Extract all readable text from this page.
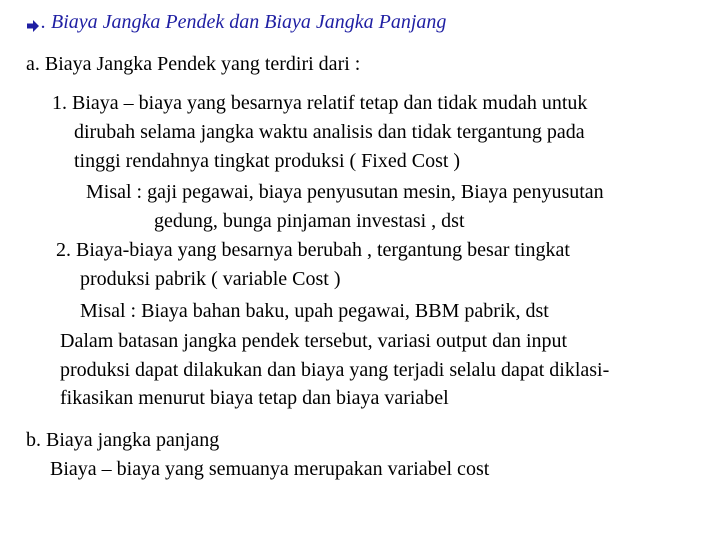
. Biaya Jangka Pendek dan Biaya Jangka Panjang
a. Biaya Jangka Pendek yang terdiri dari :
1. Biaya – biaya yang besarnya relatif tetap dan tidak mudah untuk
dirubah selama jangka waktu analisis dan tidak tergantung pada
tinggi rendahnya tingkat produksi ( Fixed Cost )
Misal : gaji pegawai, biaya penyusutan mesin, Biaya penyusutan
gedung, bunga pinjaman investasi , dst
2. Biaya-biaya yang besarnya berubah , tergantung besar tingkat
produksi pabrik ( variable Cost )
Misal : Biaya bahan baku, upah pegawai, BBM pabrik, dst
Dalam batasan jangka pendek tersebut, variasi output dan input
produksi dapat dilakukan dan biaya yang terjadi selalu dapat diklasi-
fikasikan menurut biaya tetap dan biaya variabel
b. Biaya jangka panjang
Biaya – biaya yang semuanya merupakan variabel cost
